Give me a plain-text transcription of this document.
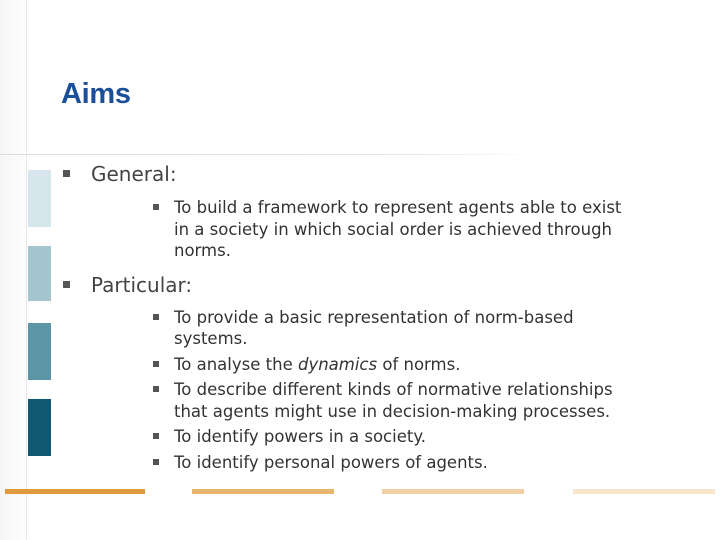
Aims
General:
To build a framework to represent agents able to exist
in a society in which social order is achieved through
norms.
Particular:
To provide a basic representation of norm-based
systems.
To analyse the dynamics of norms.
To describe different kinds of normative relationships
that agents might use in decision-making processes.
To identify powers in a society.
To identify personal powers of agents.
